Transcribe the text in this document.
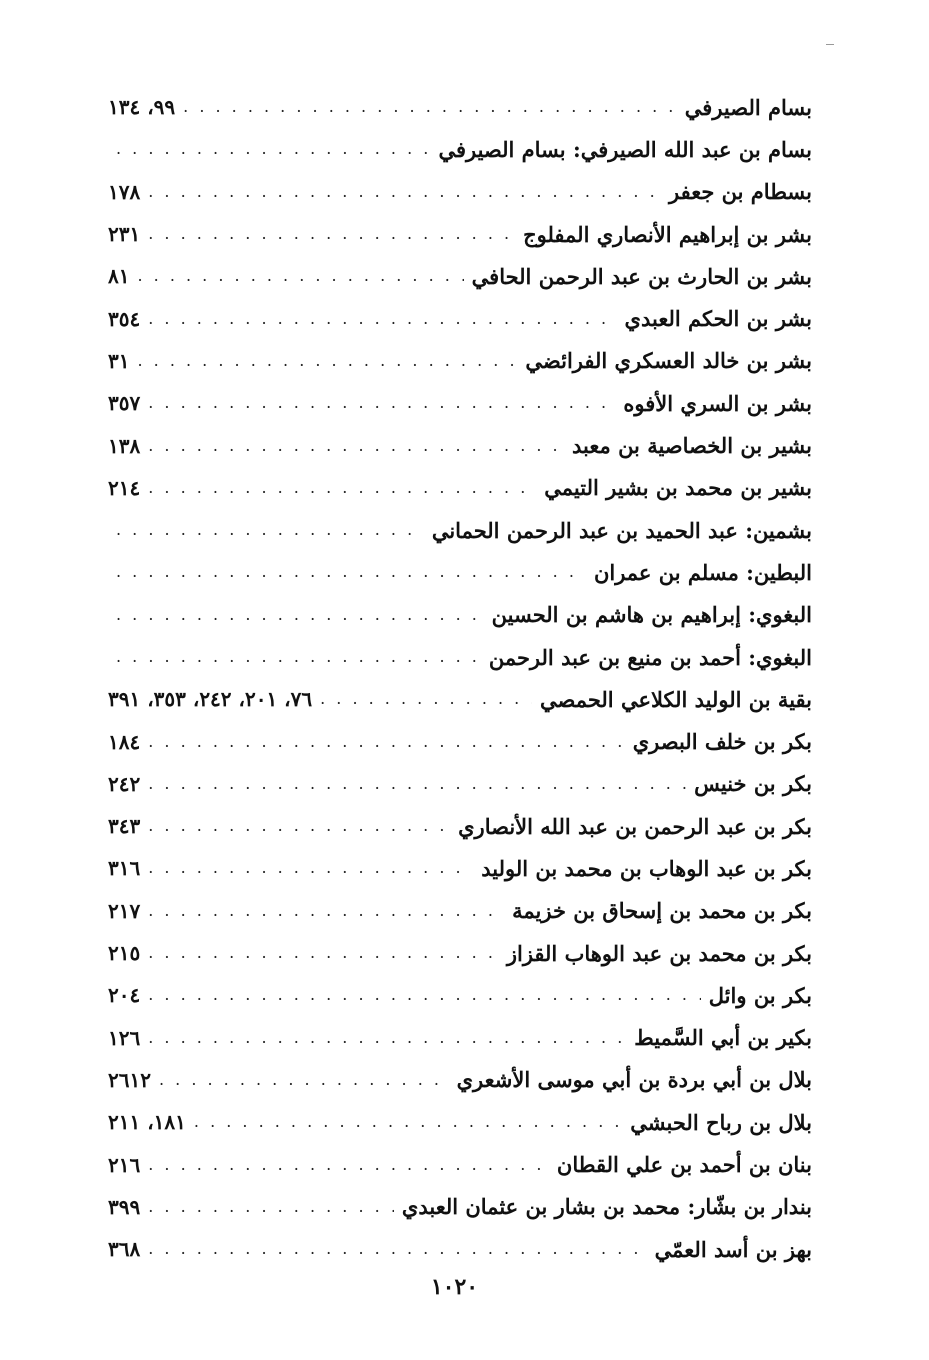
بسام الصيرفي
. . .
٩٩، ١٣٤
بسام بن عبد الله الصيرفي: بسام الصيرفي
. . .
بسطام بن جعفر
. . .
١٧٨
بشر بن إبراهيم الأنصاري المفلوج
. . .
٢٣١
بشر بن الحارث بن عبد الرحمن الحافي
. . .
٨١
بشر بن الحكم العبدي
. . .
٣٥٤
بشر بن خالد العسكري الفرائضي
. . .
٣١
بشر بن السري الأفوه
. . .
٣٥٧
بشير بن الخصاصية بن معبد
. . .
١٣٨
بشير بن محمد بن بشير التيمي
. . .
٢١٤
بشمين: عبد الحميد بن عبد الرحمن الحماني
. . .
البطين: مسلم بن عمران
. . .
البغوي: إبراهيم بن هاشم بن الحسين
. . .
البغوي: أحمد بن منيع بن عبد الرحمن
. . .
بقية بن الوليد الكلاعي الحمصي
. . .
٧٦، ٢٠١، ٢٤٢، ٣٥٣، ٣٩١
بكر بن خلف البصري
. . .
١٨٤
بكر بن خنيس
. . .
٢٤٢
بكر بن عبد الرحمن بن عبد الله الأنصاري
. . .
٣٤٣
بكر بن عبد الوهاب بن محمد بن الوليد
. . .
٣١٦
بكر بن محمد بن إسحاق بن خزيمة
. . .
٢١٧
بكر بن محمد بن عبد الوهاب القزاز
. . .
٢١٥
بكر بن وائل
. . .
٢٠٤
بكير بن أبي السَّميط
. . .
١٢٦
بلال بن أبي بردة بن أبي موسى الأشعري
. . .
٢٦١٢
بلال بن رباح الحبشي
. . .
١٨١، ٢١١
بنان بن أحمد بن علي القطان
. . .
٢١٦
بندار بن بشّار: محمد بن بشار بن عثمان العبدي
. . .
٣٩٩
بهز بن أسد العمّي
. . .
٣٦٨
١٠٢٠
